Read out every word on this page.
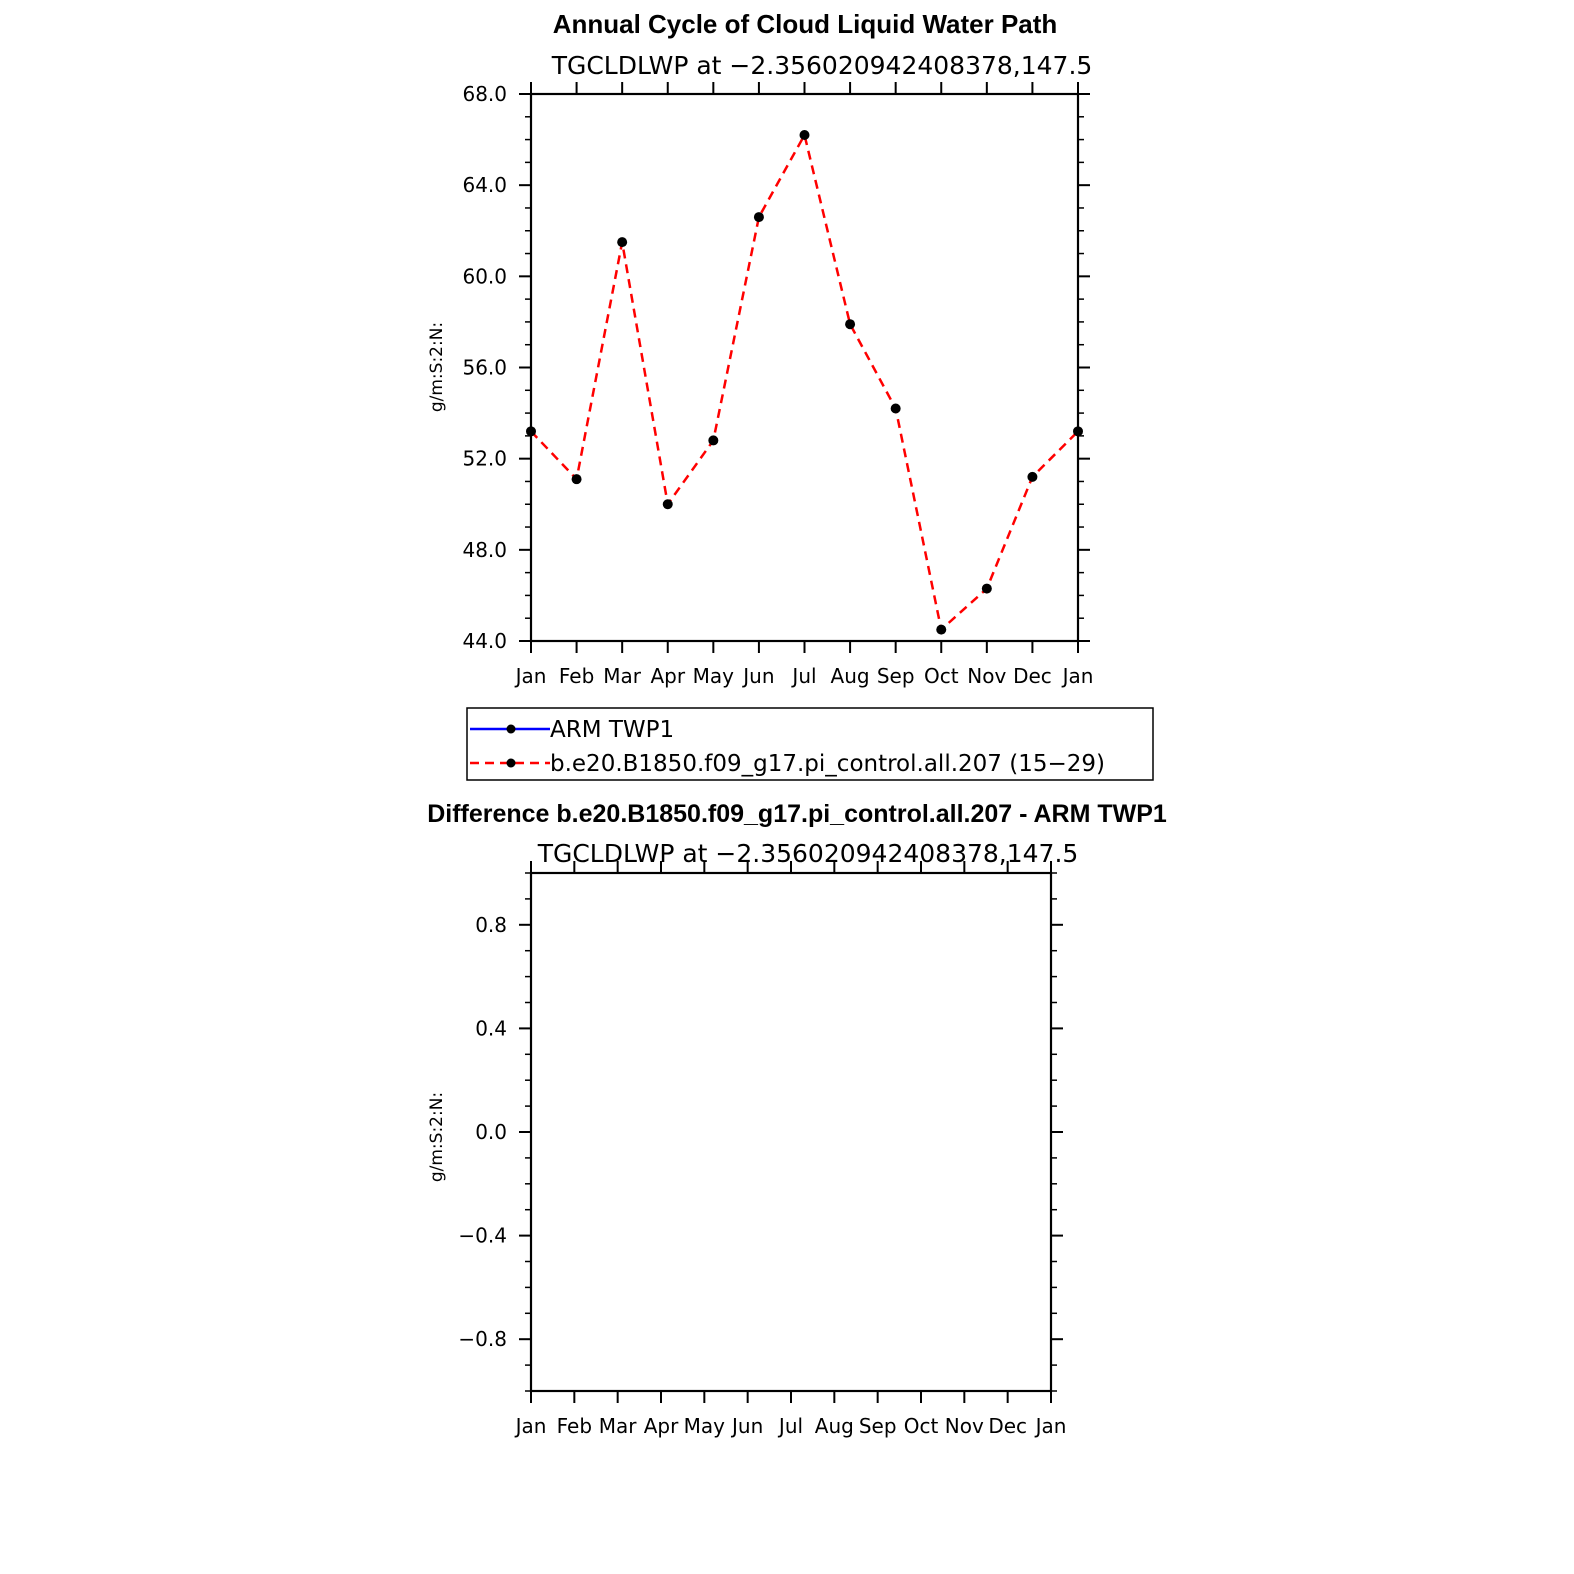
Annual Cycle of Cloud Liquid Water Path
TGCLDLWP at −2.356020942408378,147.5
g/m:S:2:N:
Jan Feb Mar Apr May Jun Jul Aug Sep Oct Nov Dec Jan
44.0
48.0
52.0
56.0
60.0
64.0
68.0
ARM TWP1
b.e20.B1850.f09_g17.pi_control.all.207 (15−29)
Difference b.e20.B1850.f09_g17.pi_control.all.207 - ARM TWP1
TGCLDLWP at −2.356020942408378,147.5
g/m:S:2:N:
Jan Feb Mar Apr May Jun Jul Aug Sep Oct Nov Dec Jan
−0.8
−0.4
0.0
0.4
0.8
